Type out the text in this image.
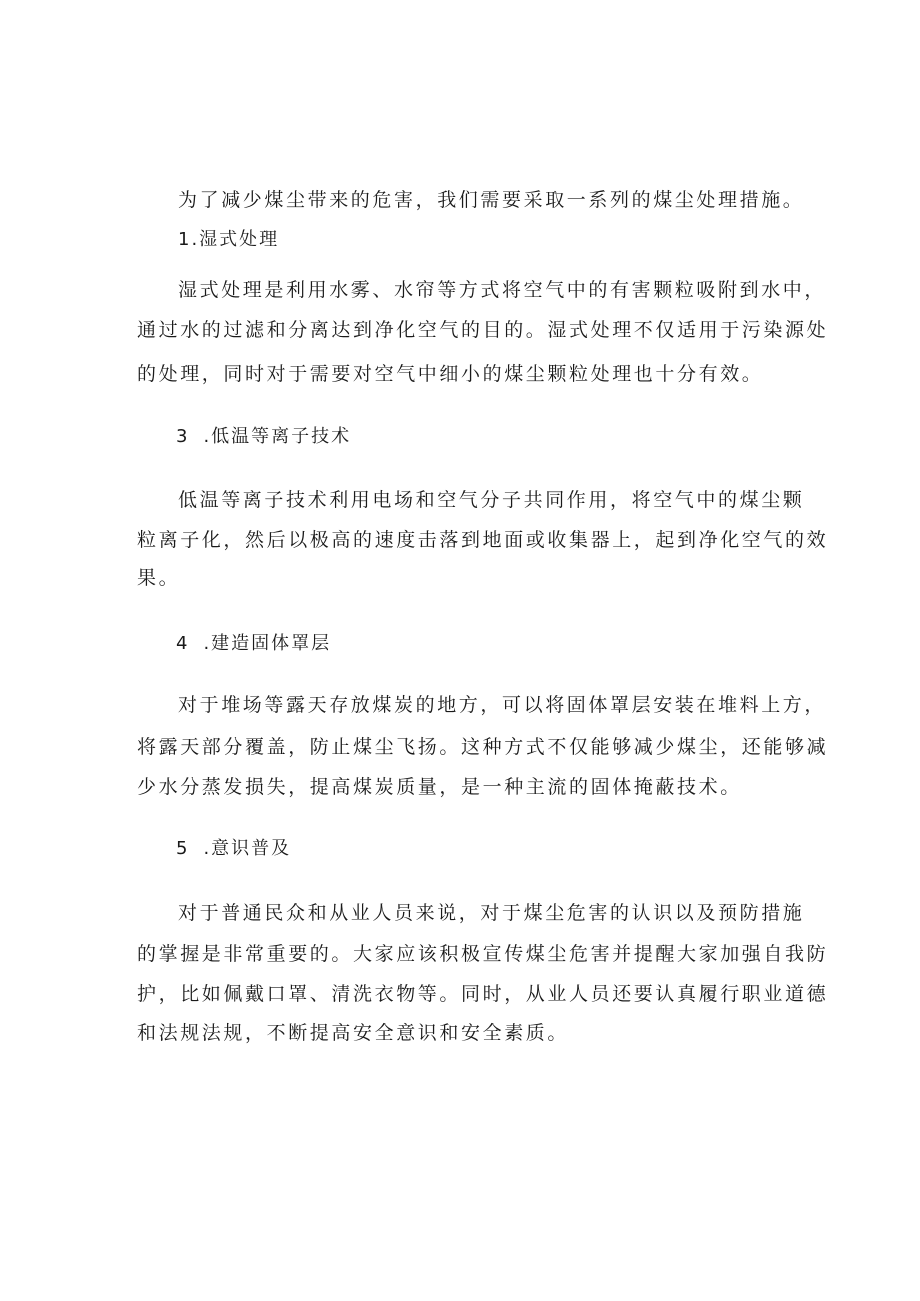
为了减少煤尘带来的危害，我们需要采取一系列的煤尘处理措施。
1.湿式处理
湿式处理是利用水雾、水帘等方式将空气中的有害颗粒吸附到水中，
通过水的过滤和分离达到净化空气的目的。湿式处理不仅适用于污染源处
的处理，同时对于需要对空气中细小的煤尘颗粒处理也十分有效。
3 .低温等离子技术
低温等离子技术利用电场和空气分子共同作用，将空气中的煤尘颗
粒离子化，然后以极高的速度击落到地面或收集器上，起到净化空气的效
果。
4 .建造固体罩层
对于堆场等露天存放煤炭的地方，可以将固体罩层安装在堆料上方，
将露天部分覆盖，防止煤尘飞扬。这种方式不仅能够减少煤尘，还能够减
少水分蒸发损失，提高煤炭质量，是一种主流的固体掩蔽技术。
5 .意识普及
对于普通民众和从业人员来说，对于煤尘危害的认识以及预防措施
的掌握是非常重要的。大家应该积极宣传煤尘危害并提醒大家加强自我防
护，比如佩戴口罩、清洗衣物等。同时，从业人员还要认真履行职业道德
和法规法规，不断提高安全意识和安全素质。
